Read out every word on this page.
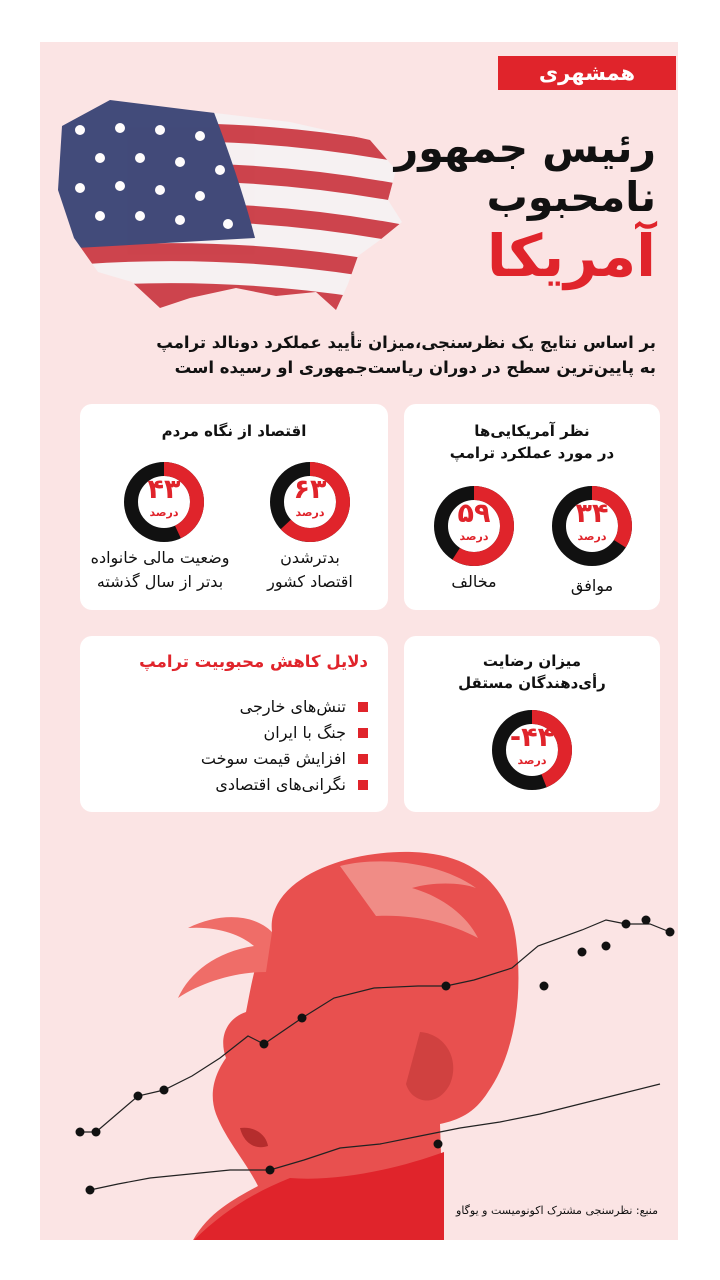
همشهری
رئیس جمهور
نامحبوب
آمریکا
بر اساس نتایج یک نظرسنجی،میزان تأیید عملکرد دونالد ترامپ
به پایین‌ترین سطح در دوران ریاست‌جمهوری او رسیده است
نظر آمریکایی‌ها
در مورد عملکرد ترامپ
۳۴
درصد
۵۹
درصد
موافق
مخالف
اقتصاد از نگاه مردم
۶۳
درصد
۴۳
درصد
بدترشدن
اقتصاد کشور
وضعیت مالی خانواده
بدتر از سال گذشته
میزان رضایت
رأی‌دهندگان مستقل
-۴۴
درصد
دلایل کاهش محبوبیت ترامپ
تنش‌های خارجی
جنگ با ایران
افزایش قیمت سوخت
نگرانی‌های اقتصادی
منبع: نظرسنجی مشترک اکونومیست و یوگاو
